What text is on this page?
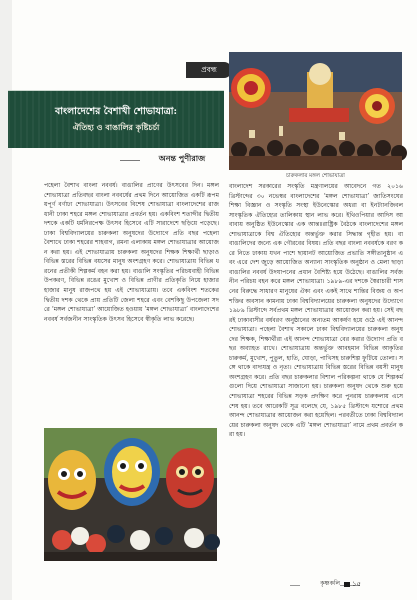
প্রবন্ধ
বাংলাদেশের বৈশাখী শোভাযাত্রা:
ঐতিহ্য ও বাঙালির কৃষ্টিচর্চা
অনন্ত পুণীরাজ
চারুকলার মঙ্গল শোভাযাত্রা
পহেলা বৈশাখ বাংলা নববর্ষ। বাঙালির প্রাণের উৎসবের দিন। মঙ্গল শোভাযাত্রা প্রতিবছর বাংলা নববর্ষের প্রথম দিনে আয়োজিত একটি রূপময়পূর্ণ বর্ণাঢ্য শোভাযাত্রা। উৎসবের বিশেষ শোভাযাত্রা বাংলাদেশের রাজধানী ঢাকা শহরে মঙ্গল শোভাযাত্রার প্রবর্তন হয়। একবিংশ শতাব্দীর দ্বিতীয় দশকে একটি ধর্মনিরপেক্ষ উৎসব হিসেবে এটি সারাদেশে ছড়িয়ে পড়েছে। ঢাকা বিশ্ববিদ্যালয়ের চারুকলা অনুষদের উদ্যোগে প্রতি বছর পহেলা বৈশাখে ঢাকা শহরের শাহবাগ, রমনা এলাকায় মঙ্গল শোভাযাত্রার আয়োজন করা হয়। এই শোভাযাত্রায় চারুকলা অনুষদের শিক্ষক শিক্ষার্থী ছাড়াও বিভিন্ন স্তরের বিভিন্ন বয়সের মানুষ অংশগ্রহণ করে। শোভাযাত্রায় বিভিন্ন ধরনের প্রতীকী শিল্পকর্ম বহন করা হয়। বাঙালি সংস্কৃতির পরিচয়বাহী বিভিন্ন উপকরণ, বিভিন্ন রঙের মুখোশ ও বিভিন্ন প্রাণীর প্রতিকৃতি নিয়ে হাজার হাজার মানুষ রাজপথে হয় এই শোভাযাত্রায়। তবে একবিংশ শতকের দ্বিতীয় দশক থেকে প্রায় প্রতিটি জেলা শহরে এবং বেশকিছু উপজেলা সদরে ‘মঙ্গল শোভাযাত্রা’ আয়োজিত হওয়ায় ‘মঙ্গল শোভাযাত্রা’ বাংলাদেশের নববর্ষ সর্বজনীন সাংস্কৃতিক উৎসব হিসেবে স্বীকৃতি লাভ করেছে।
বাংলাদেশ সরকারের সংস্কৃতি মন্ত্রণালয়ের আবেদনে গত ২০১৬ খ্রিস্টাব্দের ৩০ নভেম্বর বাংলাদেশের ‘মঙ্গল শোভাযাত্রা’ জাতিসংঘের শিক্ষা বিজ্ঞান ও সংস্কৃতি সংস্থা ইউনেস্কোর অধরা বা ইনট্যানজিবল সাংস্কৃতিক ঐতিহ্যের তালিকায় স্থান লাভ করে। ইথিওপিয়ার আদিস আবাবায় অনুষ্ঠিত ইউনেস্কোর এক আন্তঃরাষ্ট্রিক বৈঠকে বাংলাদেশের মঙ্গল শোভাযাত্রাকে বিশ্ব ঐতিহ্যের অন্তর্ভুক্ত করার সিদ্ধান্ত গৃহীত হয়। বা বাঙালিদের জন্যে এক গৌরবের বিষয়। প্রতি বছর বাংলা নববর্ষকে বরণ করে নিতে ঢাকায় যখন পাশে ছায়ানট আয়োজিত প্রভাতি সঙ্গীতানুষ্ঠান এবং এরে দেশ জুড়ে আয়োজিত অন্যান্য সাংস্কৃতিক অনুষ্ঠান ও মেলা ছাড়া বাঙালির নববর্ষ উদযাপনের প্রধান বৈশিষ্ট্য হয়ে উঠেছে। বাঙালির সর্বজনীন পরিচয় বহন করে মঙ্গল শোভাযাত্রা। ১৯৮৯-এর দশকে স্বৈরাচারী শাসনের বিরুদ্ধে সাধারণ মানুষের ঐক্য এবং একই সাথে শান্তির বিজয় ও অপশক্তির অবসান কামনায় ঢাকা বিশ্ববিদ্যালয়ের চারুকলা অনুষদের উদ্যোগে ১৯৮৯ খ্রিস্টাব্দে সর্বপ্রথম মঙ্গল শোভাযাত্রার আয়োজন করা হয়। সেই বছরই ঢাকাবাসীর বর্ষবরণ অনুষ্ঠানের অন্যতম আকর্ষণ হয়ে ওঠে এই আনন্দ শোভাযাত্রা। পহেলা বৈশাখ সকালে ঢাকা বিশ্ববিদ্যালয়ের চারুকলা অনুষদের শিক্ষক, শিক্ষার্থীরা এই আনন্দ শোভাযাত্রা বের করার উদ্যোগ প্রতি বছর অব্যাহত রাখে। শোভাযাত্রায় অন্তর্ভুক্ত আবহমান বিভিন্ন আকৃতির চারুকর্ম, মুখোশ, পুতুল, হাতি, ঘোড়া, পাখিসহ চারুশিল্প ফুটিয়ে তোলা। সঙ্গে থাকে বাদ্যযন্ত্র ও নৃত্য। শোভাযাত্রায় বিভিন্ন স্তরের বিভিন্ন বয়সী মানুষ অংশগ্রহণ করে। প্রতি বছর চারুকলার বিশাল পরিকল্পনা থাকে যে শিল্পকর্মগুলো দিয়ে শোভাযাত্রা সাজানো হয়। চারুকলা অনুষদ থেকে শুরু হয়ে শোভাযাত্রা শহরের বিভিন্ন সড়ক প্রদক্ষিণ করে পুনরায় চারুকলায় এসে শেষ হয়। তবে আরেকটি সূত্র বলেছে যে, ১৯৮৫ খ্রিস্টাব্দে যশোরে প্রথম আনন্দ শোভাযাত্রার আয়োজন করা হয়েছিল। পরবর্তীতে ঢাকা বিশ্ববিদ্যালয়ের চারুকলা অনুষদ থেকে এটি ‘মঙ্গল শোভাযাত্রা’ নামে প্রথম প্রবর্তন করা হয়।
কৃষ্ণকলি ১৫
